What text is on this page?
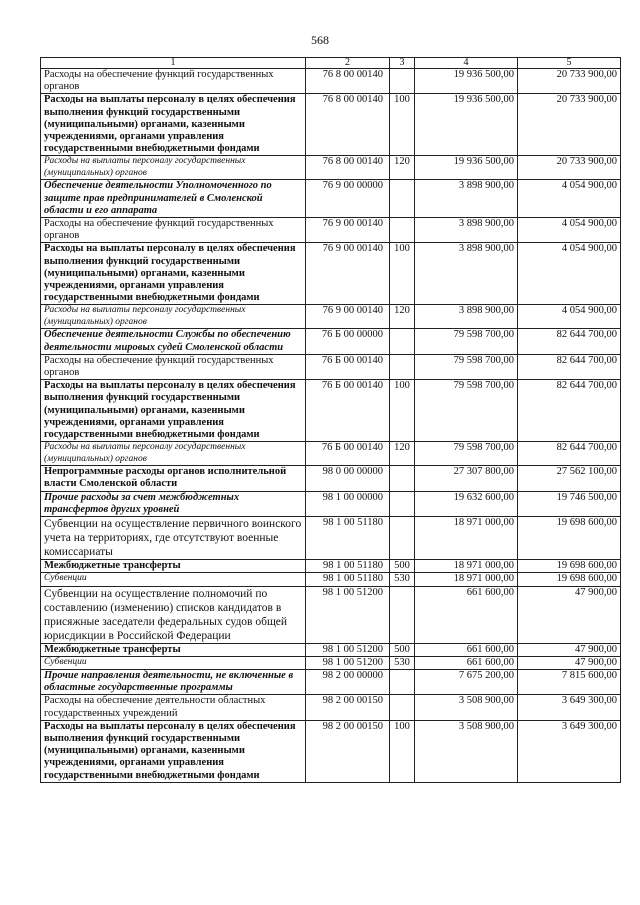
568
1	2	3	4	5
Расходы на обеспечение функций государственных органов	76 8 00 00140		19 936 500,00	20 733 900,00
Расходы на выплаты персоналу в целях обеспечения выполнения функций государственными (муниципальными) органами, казенными учреждениями, органами управления государственными внебюджетными фондами	76 8 00 00140	100	19 936 500,00	20 733 900,00
Расходы на выплаты персоналу государственных (муниципальных) органов	76 8 00 00140	120	19 936 500,00	20 733 900,00
Обеспечение деятельности Уполномоченного по защите прав предпринимателей в Смоленской области и его аппарата	76 9 00 00000		3 898 900,00	4 054 900,00
Расходы на обеспечение функций государственных органов	76 9 00 00140		3 898 900,00	4 054 900,00
Расходы на выплаты персоналу в целях обеспечения выполнения функций государственными (муниципальными) органами, казенными учреждениями, органами управления государственными внебюджетными фондами	76 9 00 00140	100	3 898 900,00	4 054 900,00
Расходы на выплаты персоналу государственных (муниципальных) органов	76 9 00 00140	120	3 898 900,00	4 054 900,00
Обеспечение деятельности Службы по обеспечению деятельности мировых судей Смоленской области	76 Б 00 00000		79 598 700,00	82 644 700,00
Расходы на обеспечение функций государственных органов	76 Б 00 00140		79 598 700,00	82 644 700,00
Расходы на выплаты персоналу в целях обеспечения выполнения функций государственными (муниципальными) органами, казенными учреждениями, органами управления государственными внебюджетными фондами	76 Б 00 00140	100	79 598 700,00	82 644 700,00
Расходы на выплаты персоналу государственных (муниципальных) органов	76 Б 00 00140	120	79 598 700,00	82 644 700,00
Непрограммные расходы органов исполнительной власти Смоленской области	98 0 00 00000		27 307 800,00	27 562 100,00
Прочие расходы за счет межбюджетных трансфертов других уровней	98 1 00 00000		19 632 600,00	19 746 500,00
Субвенции на осуществление первичного воинского учета на территориях, где отсутствуют военные комиссариаты	98 1 00 51180		18 971 000,00	19 698 600,00
Межбюджетные трансферты	98 1 00 51180	500	18 971 000,00	19 698 600,00
Субвенции	98 1 00 51180	530	18 971 000,00	19 698 600,00
Субвенции на осуществление полномочий по составлению (изменению) списков кандидатов в присяжные заседатели федеральных судов общей юрисдикции в Российской Федерации	98 1 00 51200		661 600,00	47 900,00
Межбюджетные трансферты	98 1 00 51200	500	661 600,00	47 900,00
Субвенции	98 1 00 51200	530	661 600,00	47 900,00
Прочие направления деятельности, не включенные в областные государственные программы	98 2 00 00000		7 675 200,00	7 815 600,00
Расходы на обеспечение деятельности областных государственных учреждений	98 2 00 00150		3 508 900,00	3 649 300,00
Расходы на выплаты персоналу в целях обеспечения выполнения функций государственными (муниципальными) органами, казенными учреждениями, органами управления государственными внебюджетными фондами	98 2 00 00150	100	3 508 900,00	3 649 300,00
